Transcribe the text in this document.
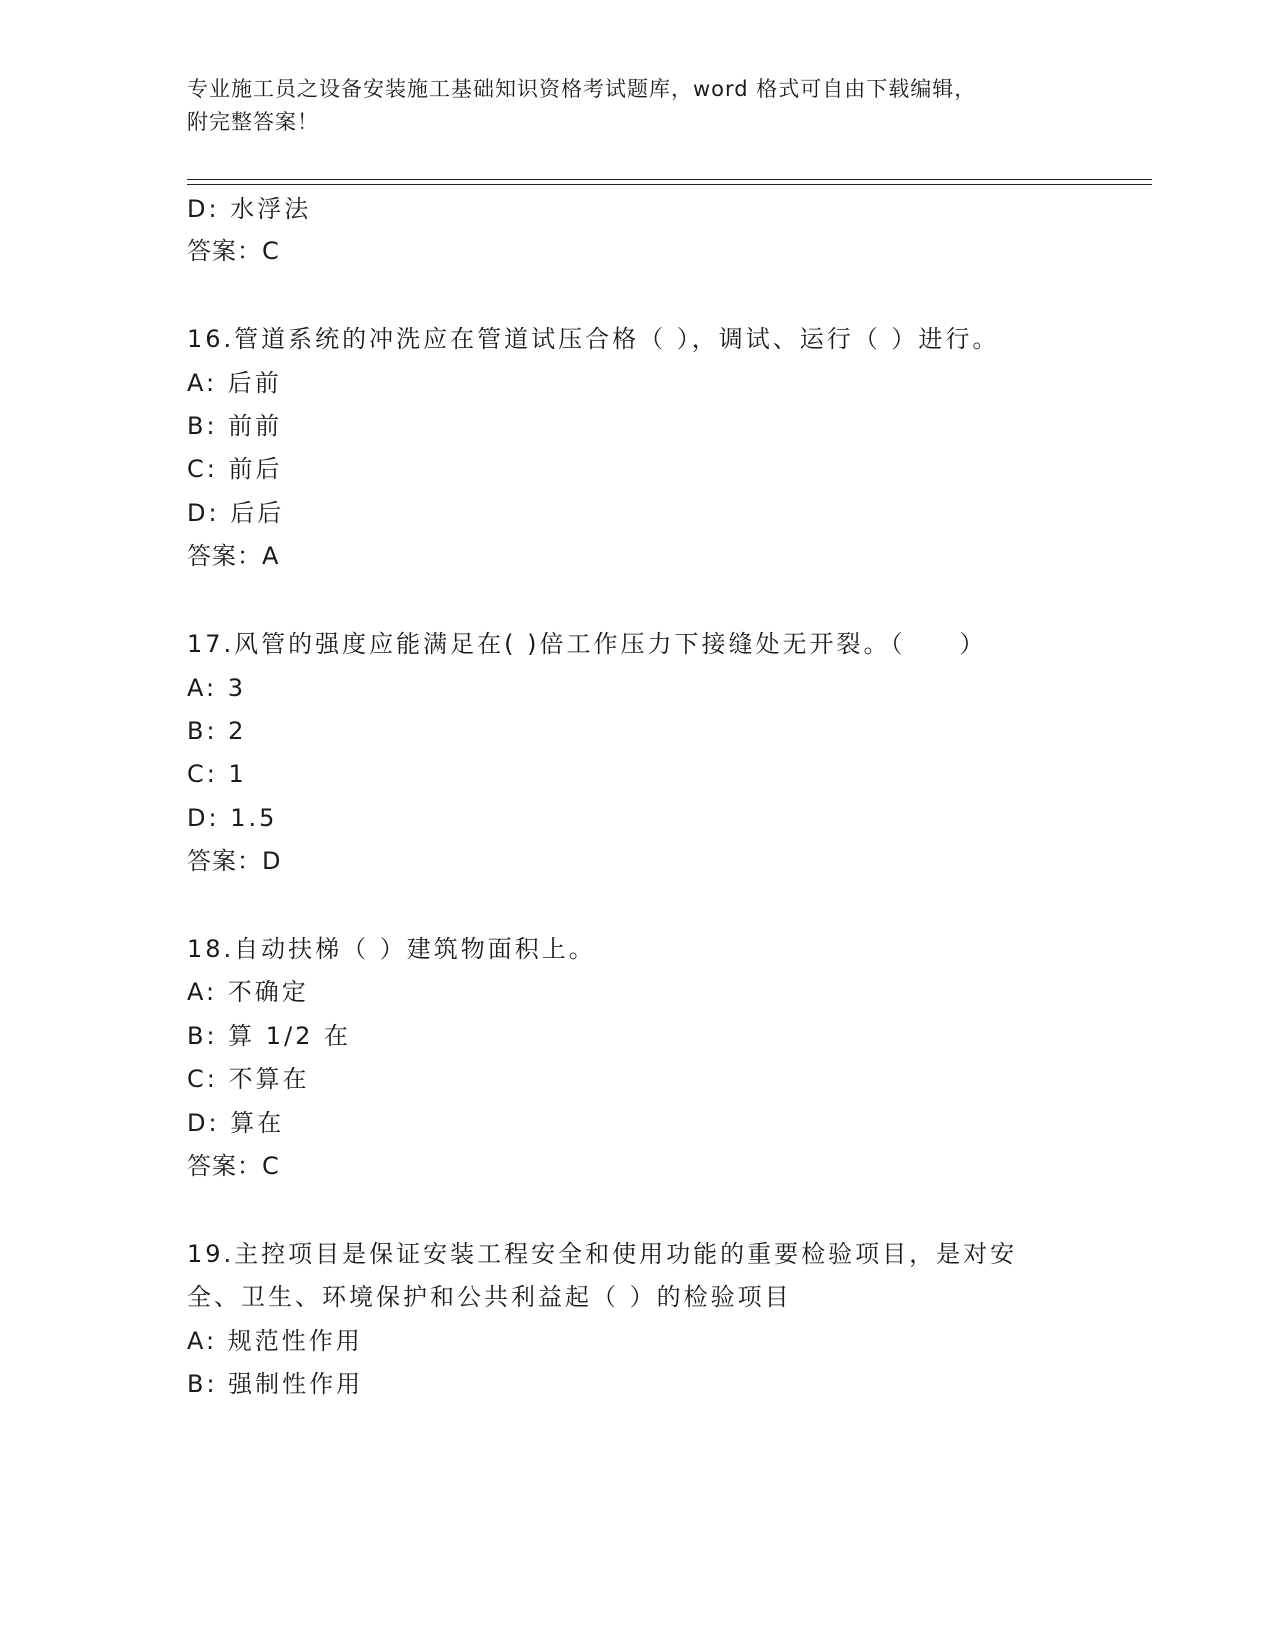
专业施工员之设备安装施工基础知识资格考试题库，word 格式可自由下载编辑，
附完整答案！
D: 水浮法
答案：C
16.管道系统的冲洗应在管道试压合格（ ），调试、运行（ ）进行。
A: 后前
B: 前前
C: 前后
D: 后后
答案：A
17.风管的强度应能满足在( )倍工作压力下接缝处无开裂。（　　）
A: 3
B: 2
C: 1
D: 1.5
答案：D
18.自动扶梯（ ）建筑物面积上。
A: 不确定
B: 算 1/2 在
C: 不算在
D: 算在
答案：C
19.主控项目是保证安装工程安全和使用功能的重要检验项目，是对安
全、卫生、环境保护和公共利益起（ ）的检验项目
A: 规范性作用
B: 强制性作用
